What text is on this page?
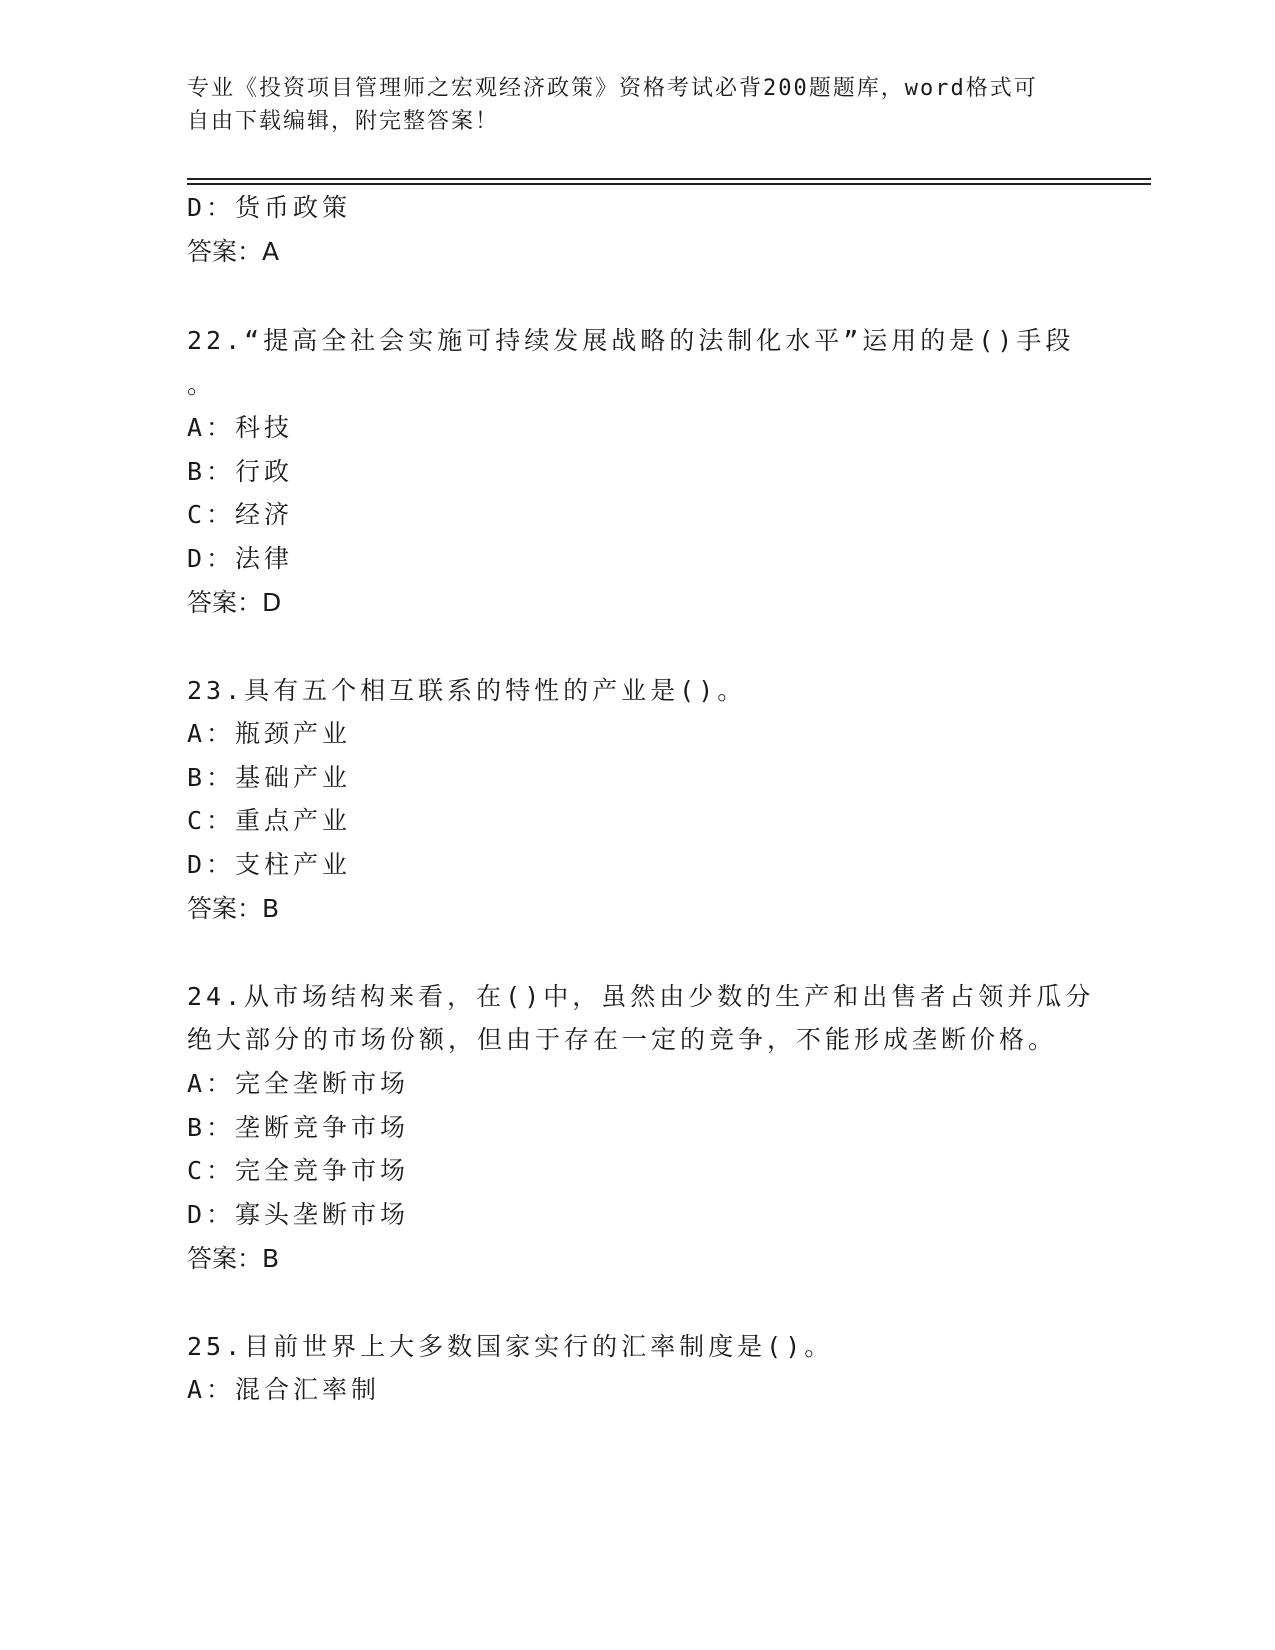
专业《投资项目管理师之宏观经济政策》资格考试必背200题题库，word格式可
自由下载编辑，附完整答案！

D：货币政策

答案：A

22.“提高全社会实施可持续发展战略的法制化水平”运用的是()手段

。

A：科技

B：行政

C：经济

D：法律

答案：D

23.具有五个相互联系的特性的产业是()。

A：瓶颈产业

B：基础产业

C：重点产业

D：支柱产业

答案：B

24.从市场结构来看，在()中，虽然由少数的生产和出售者占领并瓜分

绝大部分的市场份额，但由于存在一定的竞争，不能形成垄断价格。

A：完全垄断市场

B：垄断竞争市场

C：完全竞争市场

D：寡头垄断市场

答案：B

25.目前世界上大多数国家实行的汇率制度是()。

A：混合汇率制
